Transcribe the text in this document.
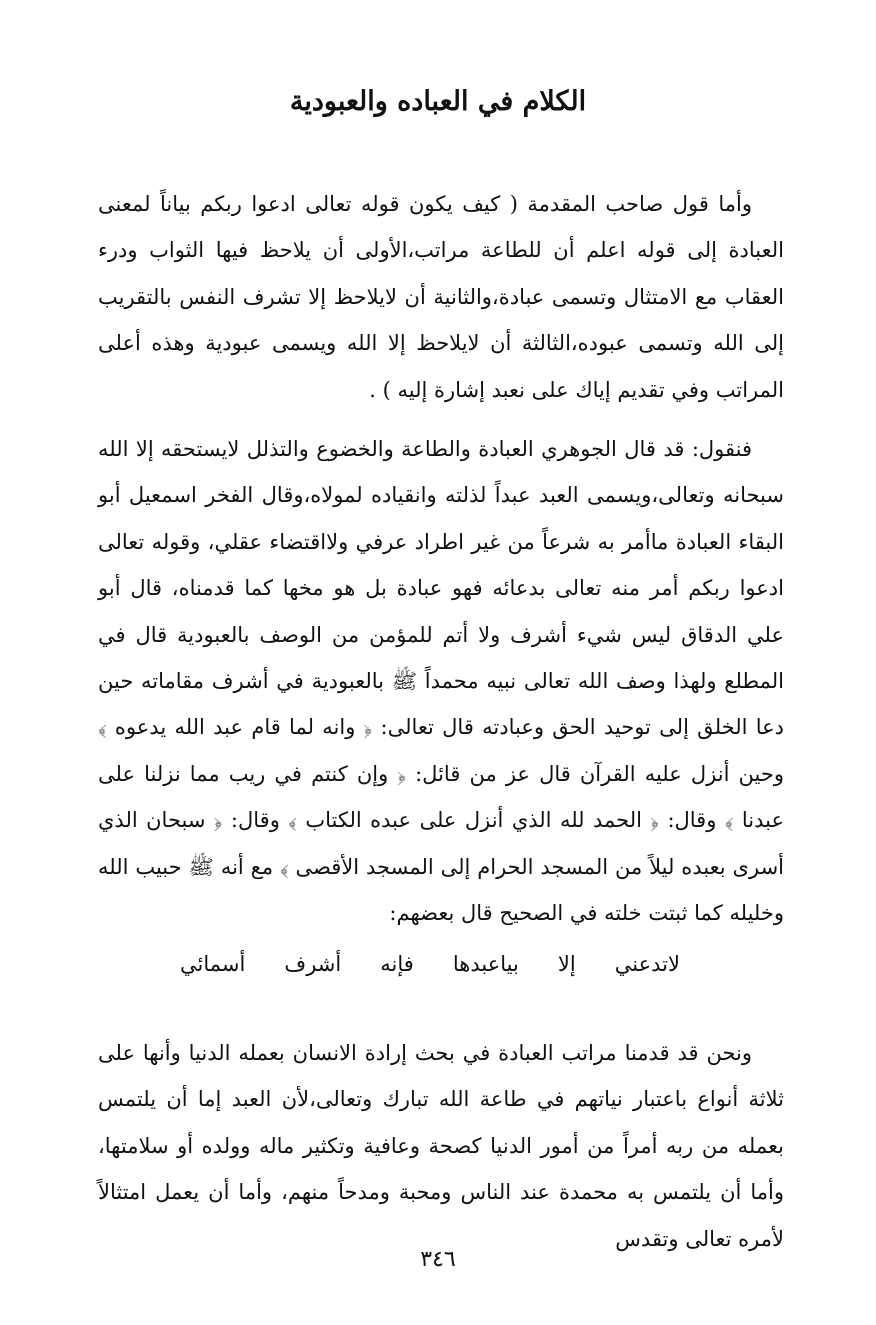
الكلام في العباده والعبودية

وأما قول صاحب المقدمة ( كيف يكون قوله تعالى ادعوا ربكم بياناً لمعنى العبادة إلى قوله اعلم أن للطاعة مراتب،الأولى أن يلاحظ فيها الثواب ودرء العقاب مع الامتثال وتسمى عبادة،والثانية أن لايلاحظ إلا تشرف النفس بالتقريب إلى الله وتسمى عبوده،الثالثة أن لايلاحظ إلا الله ويسمى عبودية وهذه أعلى المراتب وفي تقديم إياك على نعبد إشارة إليه ) .

فنقول: قد قال الجوهري العبادة والطاعة والخضوع والتذلل لايستحقه إلا الله سبحانه وتعالى،ويسمى العبد عبداً لذلته وانقياده لمولاه،وقال الفخر اسمعيل أبو البقاء العبادة ماأمر به شرعاً من غير اطراد عرفي ولااقتضاء عقلي، وقوله تعالى ادعوا ربكم أمر منه تعالى بدعائه فهو عبادة بل هو مخها كما قدمناه، قال أبو علي الدقاق ليس شيء أشرف ولا أتم للمؤمن من الوصف بالعبودية قال في المطلع ولهذا وصف الله تعالى نبيه محمداً ﷺ بالعبودية في أشرف مقاماته حين دعا الخلق إلى توحيد الحق وعبادته قال تعالى: ﴿ وانه لما قام عبد الله يدعوه ﴾ وحين أنزل عليه القرآن قال عز من قائل: ﴿ وإن كنتم في ريب مما نزلنا على عبدنا ﴾ وقال: ﴿ الحمد لله الذي أنزل على عبده الكتاب ﴾ وقال: ﴿ سبحان الذي أسرى بعبده ليلاً من المسجد الحرام إلى المسجد الأقصى ﴾ مع أنه ﷺ حبيب الله وخليله كما ثبتت خلته في الصحيح قال بعضهم:

لاتدعني
إلا
بياعبدها
فإنه
أشرف
أسمائي

ونحن قد قدمنا مراتب العبادة في بحث إرادة الانسان بعمله الدنيا وأنها على ثلاثة أنواع باعتبار نياتهم في طاعة الله تبارك وتعالى،لأن العبد إما أن يلتمس بعمله من ربه أمراً من أمور الدنيا كصحة وعافية وتكثير ماله وولده أو سلامتها، وأما أن يلتمس به محمدة عند الناس ومحبة ومدحاً منهم، وأما أن يعمل امتثالاً لأمره تعالى وتقدس

٣٤٦
